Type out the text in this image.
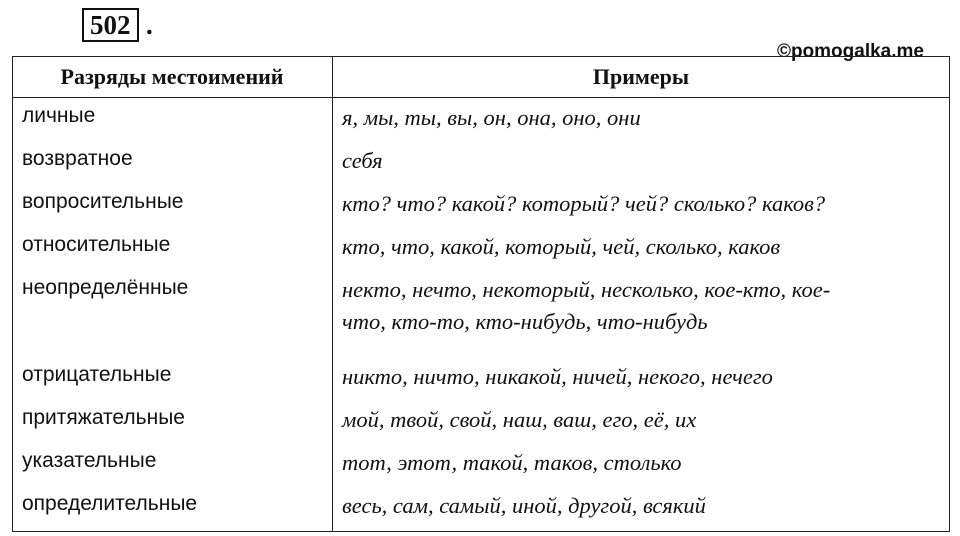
502 .
©pomogalka.me
Разряды местоимений	Примеры
личные	я, мы, ты, вы, он, она, оно, они
возвратное	себя
вопросительные	кто? что? какой? который? чей? сколько? каков?
относительные	кто, что, какой, который, чей, сколько, каков
неопределённые	некто, нечто, некоторый, несколько, кое-кто, кое-
что, кто-то, кто-нибудь, что-нибудь
отрицательные	никто, ничто, никакой, ничей, некого, нечего
притяжательные	мой, твой, свой, наш, ваш, его, её, их
указательные	тот, этот, такой, таков, столько
определительные	весь, сам, самый, иной, другой, всякий
